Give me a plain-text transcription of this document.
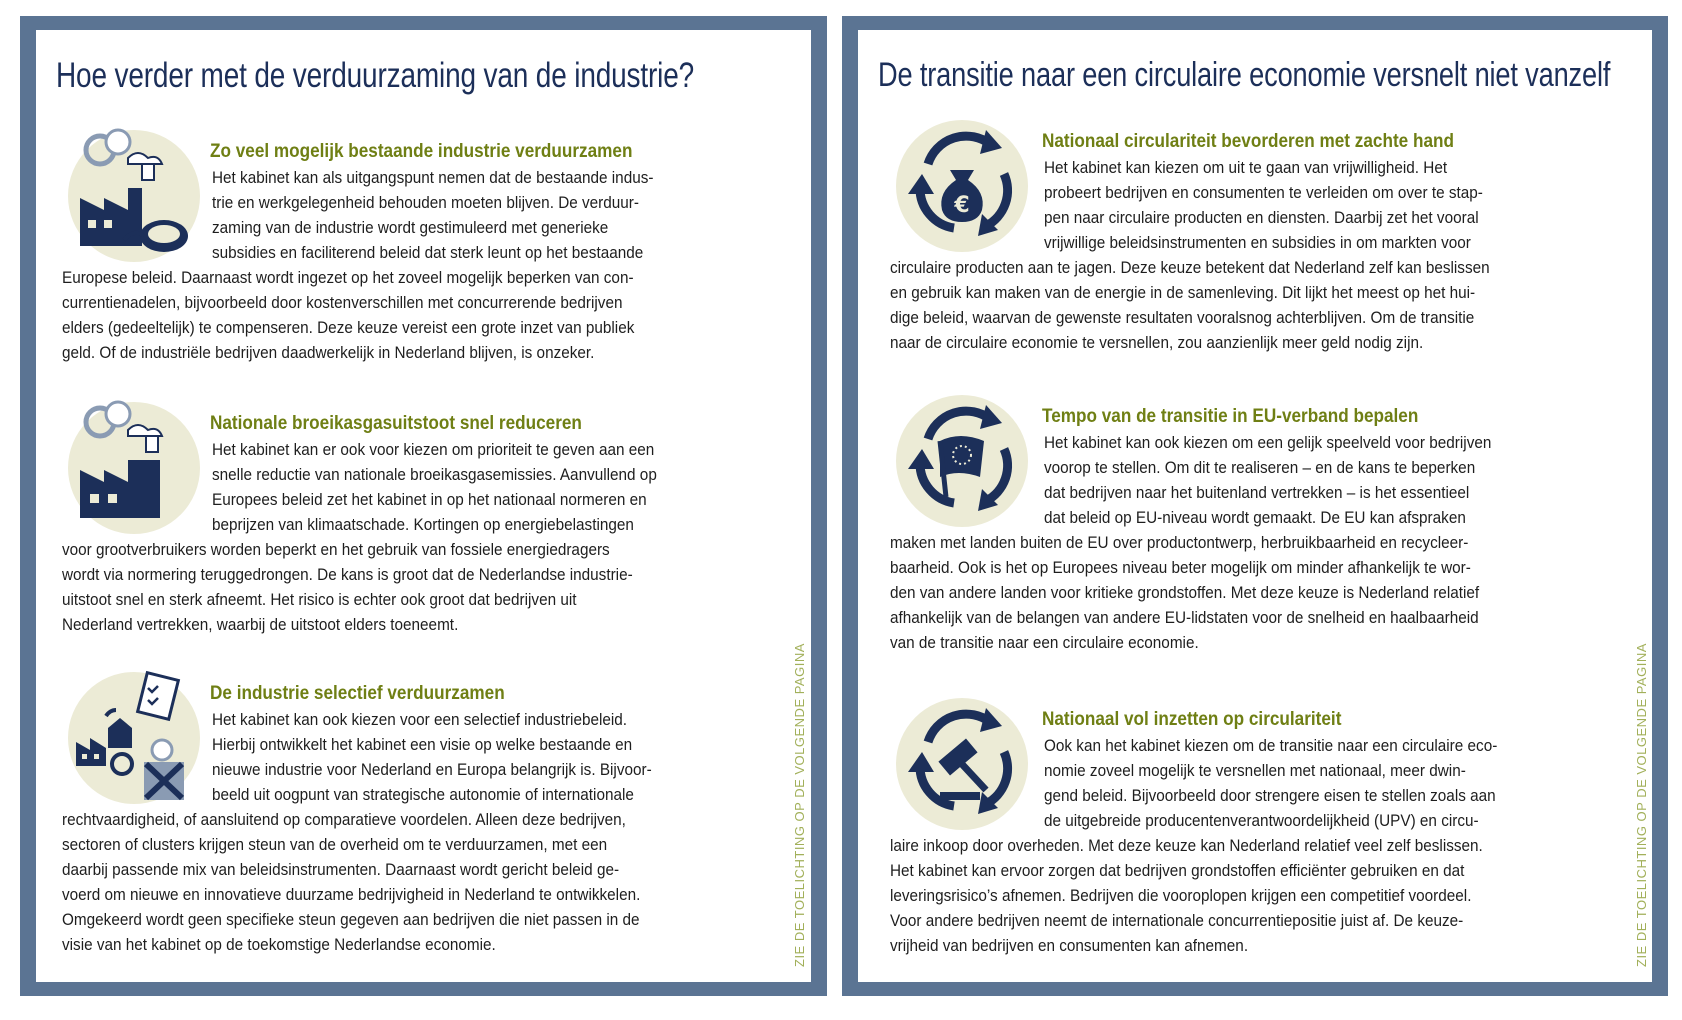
Hoe verder met de verduurzaming van de industrie?
Zo veel mogelijk bestaande industrie verduurzamen
Het kabinet kan als uitgangspunt nemen dat de bestaande indus-
trie en werkgelegenheid behouden moeten blijven. De verduur-
zaming van de industrie wordt gestimuleerd met generieke
subsidies en faciliterend beleid dat sterk leunt op het bestaande
Europese beleid. Daarnaast wordt ingezet op het zoveel mogelijk beperken van con-
currentienadelen, bijvoorbeeld door kostenverschillen met concurrerende bedrijven
elders (gedeeltelijk) te compenseren. Deze keuze vereist een grote inzet van publiek
geld. Of de industriële bedrijven daadwerkelijk in Nederland blijven, is onzeker.
Nationale broeikasgasuitstoot snel reduceren
Het kabinet kan er ook voor kiezen om prioriteit te geven aan een
snelle reductie van nationale broeikasgasemissies. Aanvullend op
Europees beleid zet het kabinet in op het nationaal normeren en
beprijzen van klimaatschade. Kortingen op energiebelastingen
voor grootverbruikers worden beperkt en het gebruik van fossiele energiedragers
wordt via normering teruggedrongen. De kans is groot dat de Nederlandse industrie-
uitstoot snel en sterk afneemt. Het risico is echter ook groot dat bedrijven uit
Nederland vertrekken, waarbij de uitstoot elders toeneemt.
De industrie selectief verduurzamen
Het kabinet kan ook kiezen voor een selectief industriebeleid.
Hierbij ontwikkelt het kabinet een visie op welke bestaande en
nieuwe industrie voor Nederland en Europa belangrijk is. Bijvoor-
beeld uit oogpunt van strategische autonomie of internationale
rechtvaardigheid, of aansluitend op comparatieve voordelen. Alleen deze bedrijven,
sectoren of clusters krijgen steun van de overheid om te verduurzamen, met een
daarbij passende mix van beleidsinstrumenten. Daarnaast wordt gericht beleid ge-
voerd om nieuwe en innovatieve duurzame bedrijvigheid in Nederland te ontwikkelen.
Omgekeerd wordt geen specifieke steun gegeven aan bedrijven die niet passen in de
visie van het kabinet op de toekomstige Nederlandse economie.	ZIE DE TOELICHTING OP DE VOLGENDE PAGINA
De transitie naar een circulaire economie versnelt niet vanzelf
€
Nationaal circulariteit bevorderen met zachte hand
Het kabinet kan kiezen om uit te gaan van vrijwilligheid. Het
probeert bedrijven en consumenten te verleiden om over te stap-
pen naar circulaire producten en diensten. Daarbij zet het vooral
vrijwillige beleidsinstrumenten en subsidies in om markten voor
circulaire producten aan te jagen. Deze keuze betekent dat Nederland zelf kan beslissen
en gebruik kan maken van de energie in de samenleving. Dit lijkt het meest op het hui-
dige beleid, waarvan de gewenste resultaten vooralsnog achterblijven. Om de transitie
naar de circulaire economie te versnellen, zou aanzienlijk meer geld nodig zijn.
Tempo van de transitie in EU-verband bepalen
Het kabinet kan ook kiezen om een gelijk speelveld voor bedrijven
voorop te stellen. Om dit te realiseren – en de kans te beperken
dat bedrijven naar het buitenland vertrekken – is het essentieel
dat beleid op EU-niveau wordt gemaakt. De EU kan afspraken
maken met landen buiten de EU over productontwerp, herbruikbaarheid en recycleer-
baarheid. Ook is het op Europees niveau beter mogelijk om minder afhankelijk te wor-
den van andere landen voor kritieke grondstoffen. Met deze keuze is Nederland relatief
afhankelijk van de belangen van andere EU-lidstaten voor de snelheid en haalbaarheid
van de transitie naar een circulaire economie.
Nationaal vol inzetten op circulariteit
Ook kan het kabinet kiezen om de transitie naar een circulaire eco-
nomie zoveel mogelijk te versnellen met nationaal, meer dwin-
gend beleid. Bijvoorbeeld door strengere eisen te stellen zoals aan
de uitgebreide producentenverantwoordelijkheid (UPV) en circu-
laire inkoop door overheden. Met deze keuze kan Nederland relatief veel zelf beslissen.
Het kabinet kan ervoor zorgen dat bedrijven grondstoffen efficiënter gebruiken en dat
leveringsrisico’s afnemen. Bedrijven die vooroplopen krijgen een competitief voordeel.
Voor andere bedrijven neemt de internationale concurrentiepositie juist af. De keuze-
vrijheid van bedrijven en consumenten kan afnemen.	ZIE DE TOELICHTING OP DE VOLGENDE PAGINA
